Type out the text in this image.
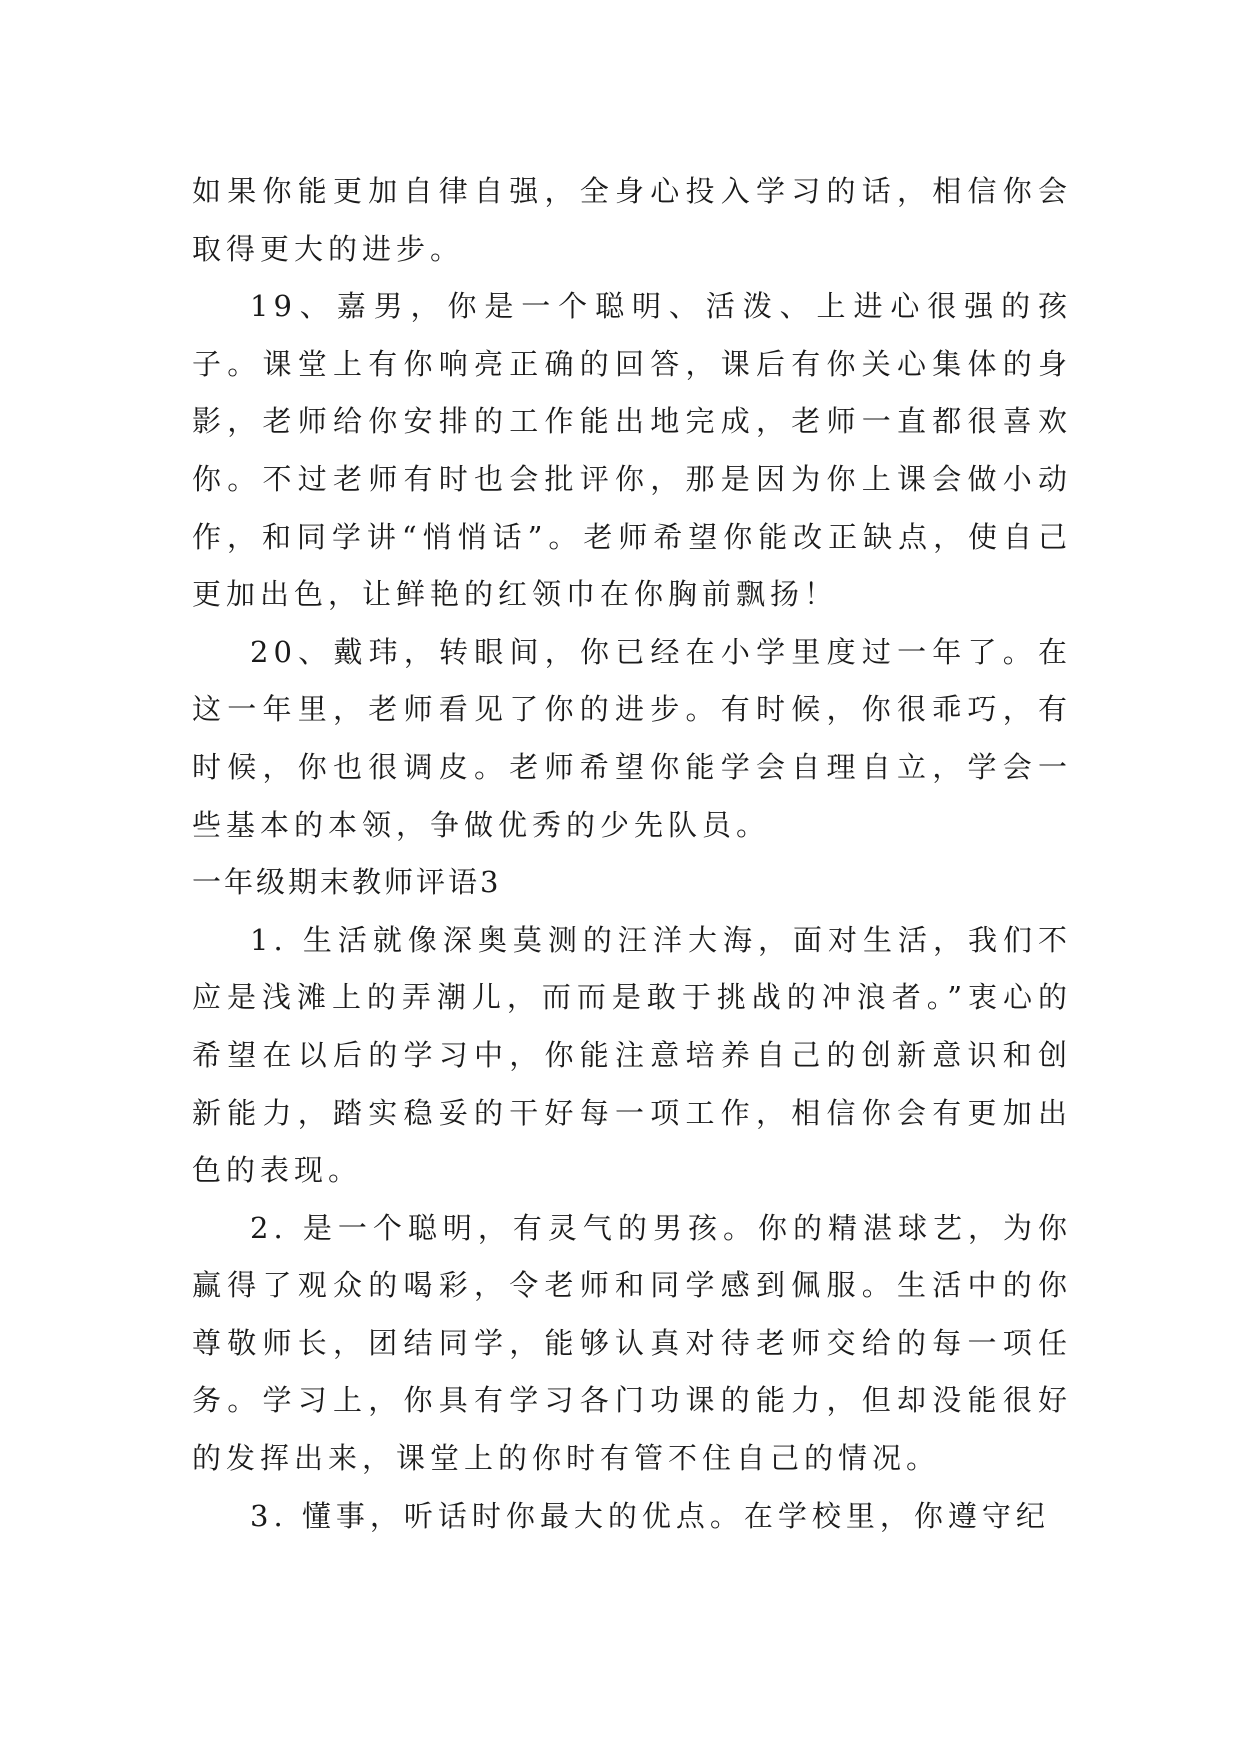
如果你能更加自律自强，全身心投入学习的话，相信你会取得更大的进步。

19、嘉男，你是一个聪明、活泼、上进心很强的孩子。课堂上有你响亮正确的回答，课后有你关心集体的身影，老师给你安排的工作能出地完成，老师一直都很喜欢你。不过老师有时也会批评你，那是因为你上课会做小动作，和同学讲“悄悄话”。老师希望你能改正缺点，使自己更加出色，让鲜艳的红领巾在你胸前飘扬！

20、戴玮，转眼间，你已经在小学里度过一年了。在这一年里，老师看见了你的进步。有时候，你很乖巧，有时候，你也很调皮。老师希望你能学会自理自立，学会一些基本的本领，争做优秀的少先队员。

一年级期末教师评语3

1. 生活就像深奥莫测的汪洋大海，面对生活，我们不应是浅滩上的弄潮儿，而而是敢于挑战的冲浪者。”衷心的希望在以后的学习中，你能注意培养自己的创新意识和创新能力，踏实稳妥的干好每一项工作，相信你会有更加出色的表现。

2. 是一个聪明，有灵气的男孩。你的精湛球艺，为你赢得了观众的喝彩，令老师和同学感到佩服。生活中的你尊敬师长，团结同学，能够认真对待老师交给的每一项任务。学习上，你具有学习各门功课的能力，但却没能很好的发挥出来，课堂上的你时有管不住自己的情况。

3. 懂事，听话时你最大的优点。在学校里，你遵守纪
